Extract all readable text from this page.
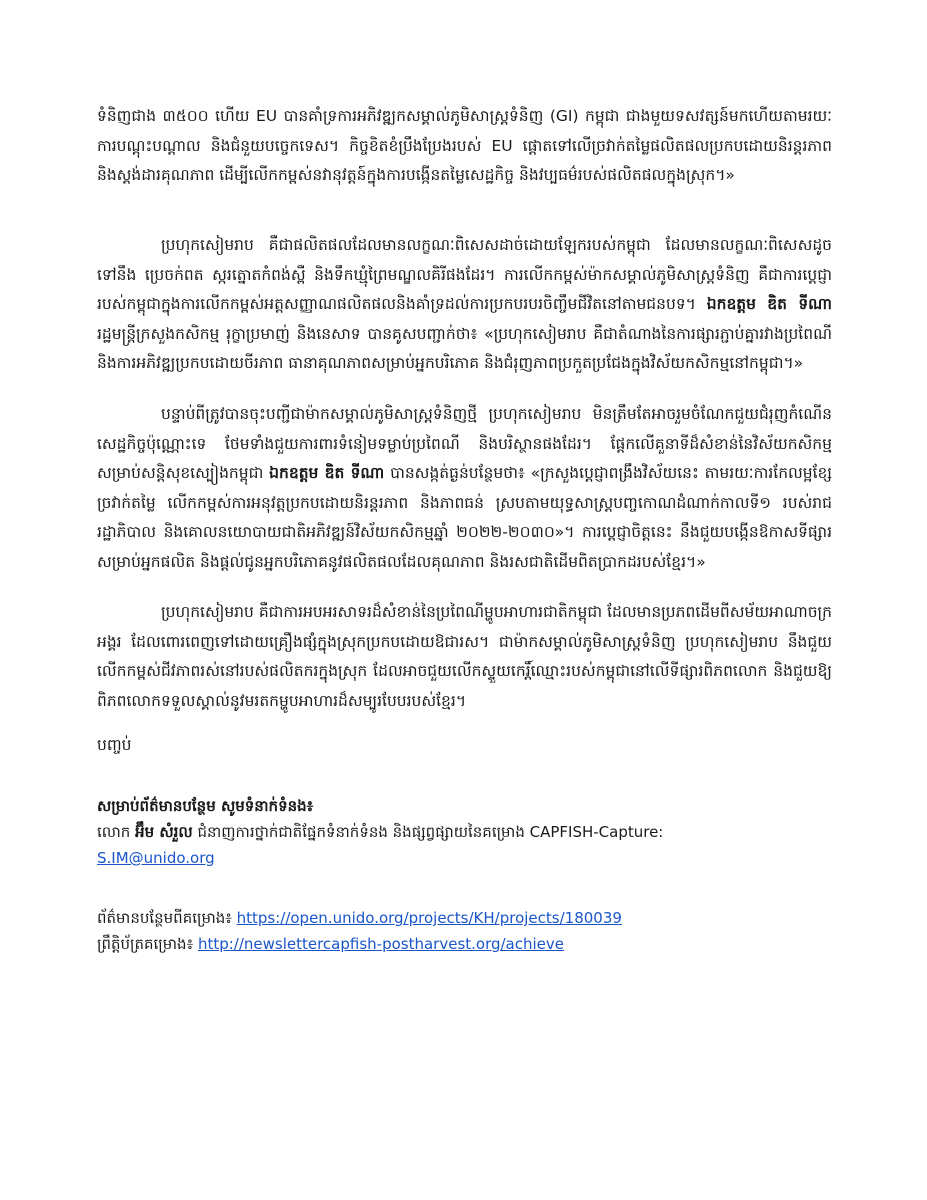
ទំនិញជាង ៣៥០០ ហើយ EU បានគាំទ្រការអភិវឌ្ឍកសម្គាល់ភូមិសាស្ត្រទំនិញ (GI) កម្ពុជា ជាងមួយទសវត្សន៍មកហើយតាមរយៈការបណ្តុះបណ្តាល និងជំនួយបច្ចេកទេស។ កិច្ចខិតខំប្រឹងប្រែងរបស់ EU ផ្តោតទៅលើច្រវាក់តម្លៃផលិតផលប្រកបដោយនិរន្តរភាព និងស្តង់ដារគុណភាព ដើម្បីលើកកម្ពស់នវានុវត្តន៍ក្នុងការបង្កើនតម្លៃសេដ្ឋកិច្ច និងវប្បធម៌របស់ផលិតផលក្នុងស្រុក។»

ប្រហុកសៀមរាប គឺជាផលិតផលដែលមានលក្ខណៈពិសេសដាច់ដោយឡែករបស់កម្ពុជា ដែលមានលក្ខណៈពិសេសដូចទៅនឹង ប្រេចក់ពត ស្ករត្នោតកំពង់ស្ពឺ និងទឹកឃ្មុំព្រៃមណ្ឌលគិរីផងដែរ។ ការលើកកម្ពស់ម៉ាកសម្គាល់ភូមិសាស្ត្រទំនិញ គឺជាការប្តេជ្ញារបស់កម្ពុជាក្នុងការលើកកម្ពស់អត្តសញ្ញាណផលិតផលនិងគាំទ្រដល់ការប្រកបរបរចិញ្ចឹមជីវិតនៅតាមជនបទ។ ឯកឧត្តម ឌិត ទីណា រដ្ឋមន្ត្រីក្រសួងកសិកម្ម រុក្ខាប្រមាញ់ និងនេសាទ បានគូសបញ្ជាក់ថា៖ «ប្រហុកសៀមរាប គឺជាតំណាងនៃការផ្សារភ្ជាប់គ្នារវាងប្រពៃណីនិងការអភិវឌ្ឍប្រកបដោយចីរភាព ធានាគុណភាពសម្រាប់អ្នកបរិភោគ និងជំរុញភាពប្រកួតប្រជែងក្នុងវិស័យកសិកម្មនៅកម្ពុជា។»

បន្ទាប់ពីត្រូវបានចុះបញ្ជីជាម៉ាកសម្គាល់ភូមិសាស្ត្រទំនិញថ្មី ប្រហុកសៀមរាប មិនត្រឹមតែអាចរួមចំណែកជួយជំរុញកំណើនសេដ្ឋកិច្ចប៉ុណ្ណោះទេ ថែមទាំងជួយការពារទំនៀមទម្លាប់ប្រពៃណី និងបរិស្ថានផងដែរ។ ផ្តែកលើគួនាទីដ៏សំខាន់នៃវិស័យកសិកម្មសម្រាប់សន្តិសុខស្បៀងកម្ពុជា ឯកឧត្តម ឌិត ទីណា បានសង្កត់ធ្ងន់បន្ថែមថា៖ «ក្រសួងប្តេជ្ញាពង្រឹងវិស័យនេះ តាមរយៈការកែលម្អខ្សែច្រវាក់តម្លៃ លើកកម្ពស់ការអនុវត្តប្រកបដោយនិរន្តរភាព និងភាពធន់ ស្របតាមយុទ្ធសាស្ត្របញ្ចកោណដំណាក់កាលទី១ របស់រាជរដ្ឋាភិបាល និងគោលនយោបាយជាតិអភិវឌ្ឍន៍វិស័យកសិកម្មឆ្នាំ ២០២២-២០៣០»។ ការប្តេជ្ញាចិត្តនេះ នឹងជួយបង្កើនឱកាសទីផ្សារសម្រាប់អ្នកផលិត និងផ្តល់ជូនអ្នកបរិភោគនូវផលិតផលដែលគុណភាព និងរសជាតិដើមពិតប្រាកដរបស់ខ្មែរ។»

ប្រហុកសៀមរាប គឺជាការអបអរសាទរដ៏សំខាន់នៃប្រពៃណីម្ហូបអាហារជាតិកម្ពុជា ដែលមានប្រភពដើមពីសម័យអាណាចក្រអង្គរ ដែលពោរពេញទៅដោយគ្រឿងផ្សំក្នុងស្រុកប្រកបដោយឱជារស។ ជាម៉ាកសម្គាល់ភូមិសាស្ត្រទំនិញ ប្រហុកសៀមរាប នឹងជួយលើកកម្ពស់ជីវភាពរស់នៅរបស់ផលិតករក្នុងស្រុក ដែលអាចជួយលើកស្ទួយកេរ្តិ៍ឈ្មោះរបស់កម្ពុជានៅលើទីផ្សារពិភពលោក និងជួយឱ្យពិភពលោកទទួលស្គាល់នូវមរតកម្ហូបអាហារដ៏សម្បូរបែបរបស់ខ្មែរ។

បញ្ចប់

សម្រាប់ព័ត៌មានបន្ថែម សូមទំនាក់ទំនង៖

លោក អ៊ឹម សំរួល ជំនាញការថ្នាក់ជាតិផ្នែកទំនាក់ទំនង និងផ្សព្វផ្សាយនៃគម្រោង CAPFISH-Capture:

S.IM@unido.org

ព័ត៌មានបន្ថែមពីគម្រោង៖ https://open.unido.org/projects/KH/projects/180039

ព្រឹត្តិប័ត្រគម្រោង៖ http://newslettercapfish-postharvest.org/achieve
